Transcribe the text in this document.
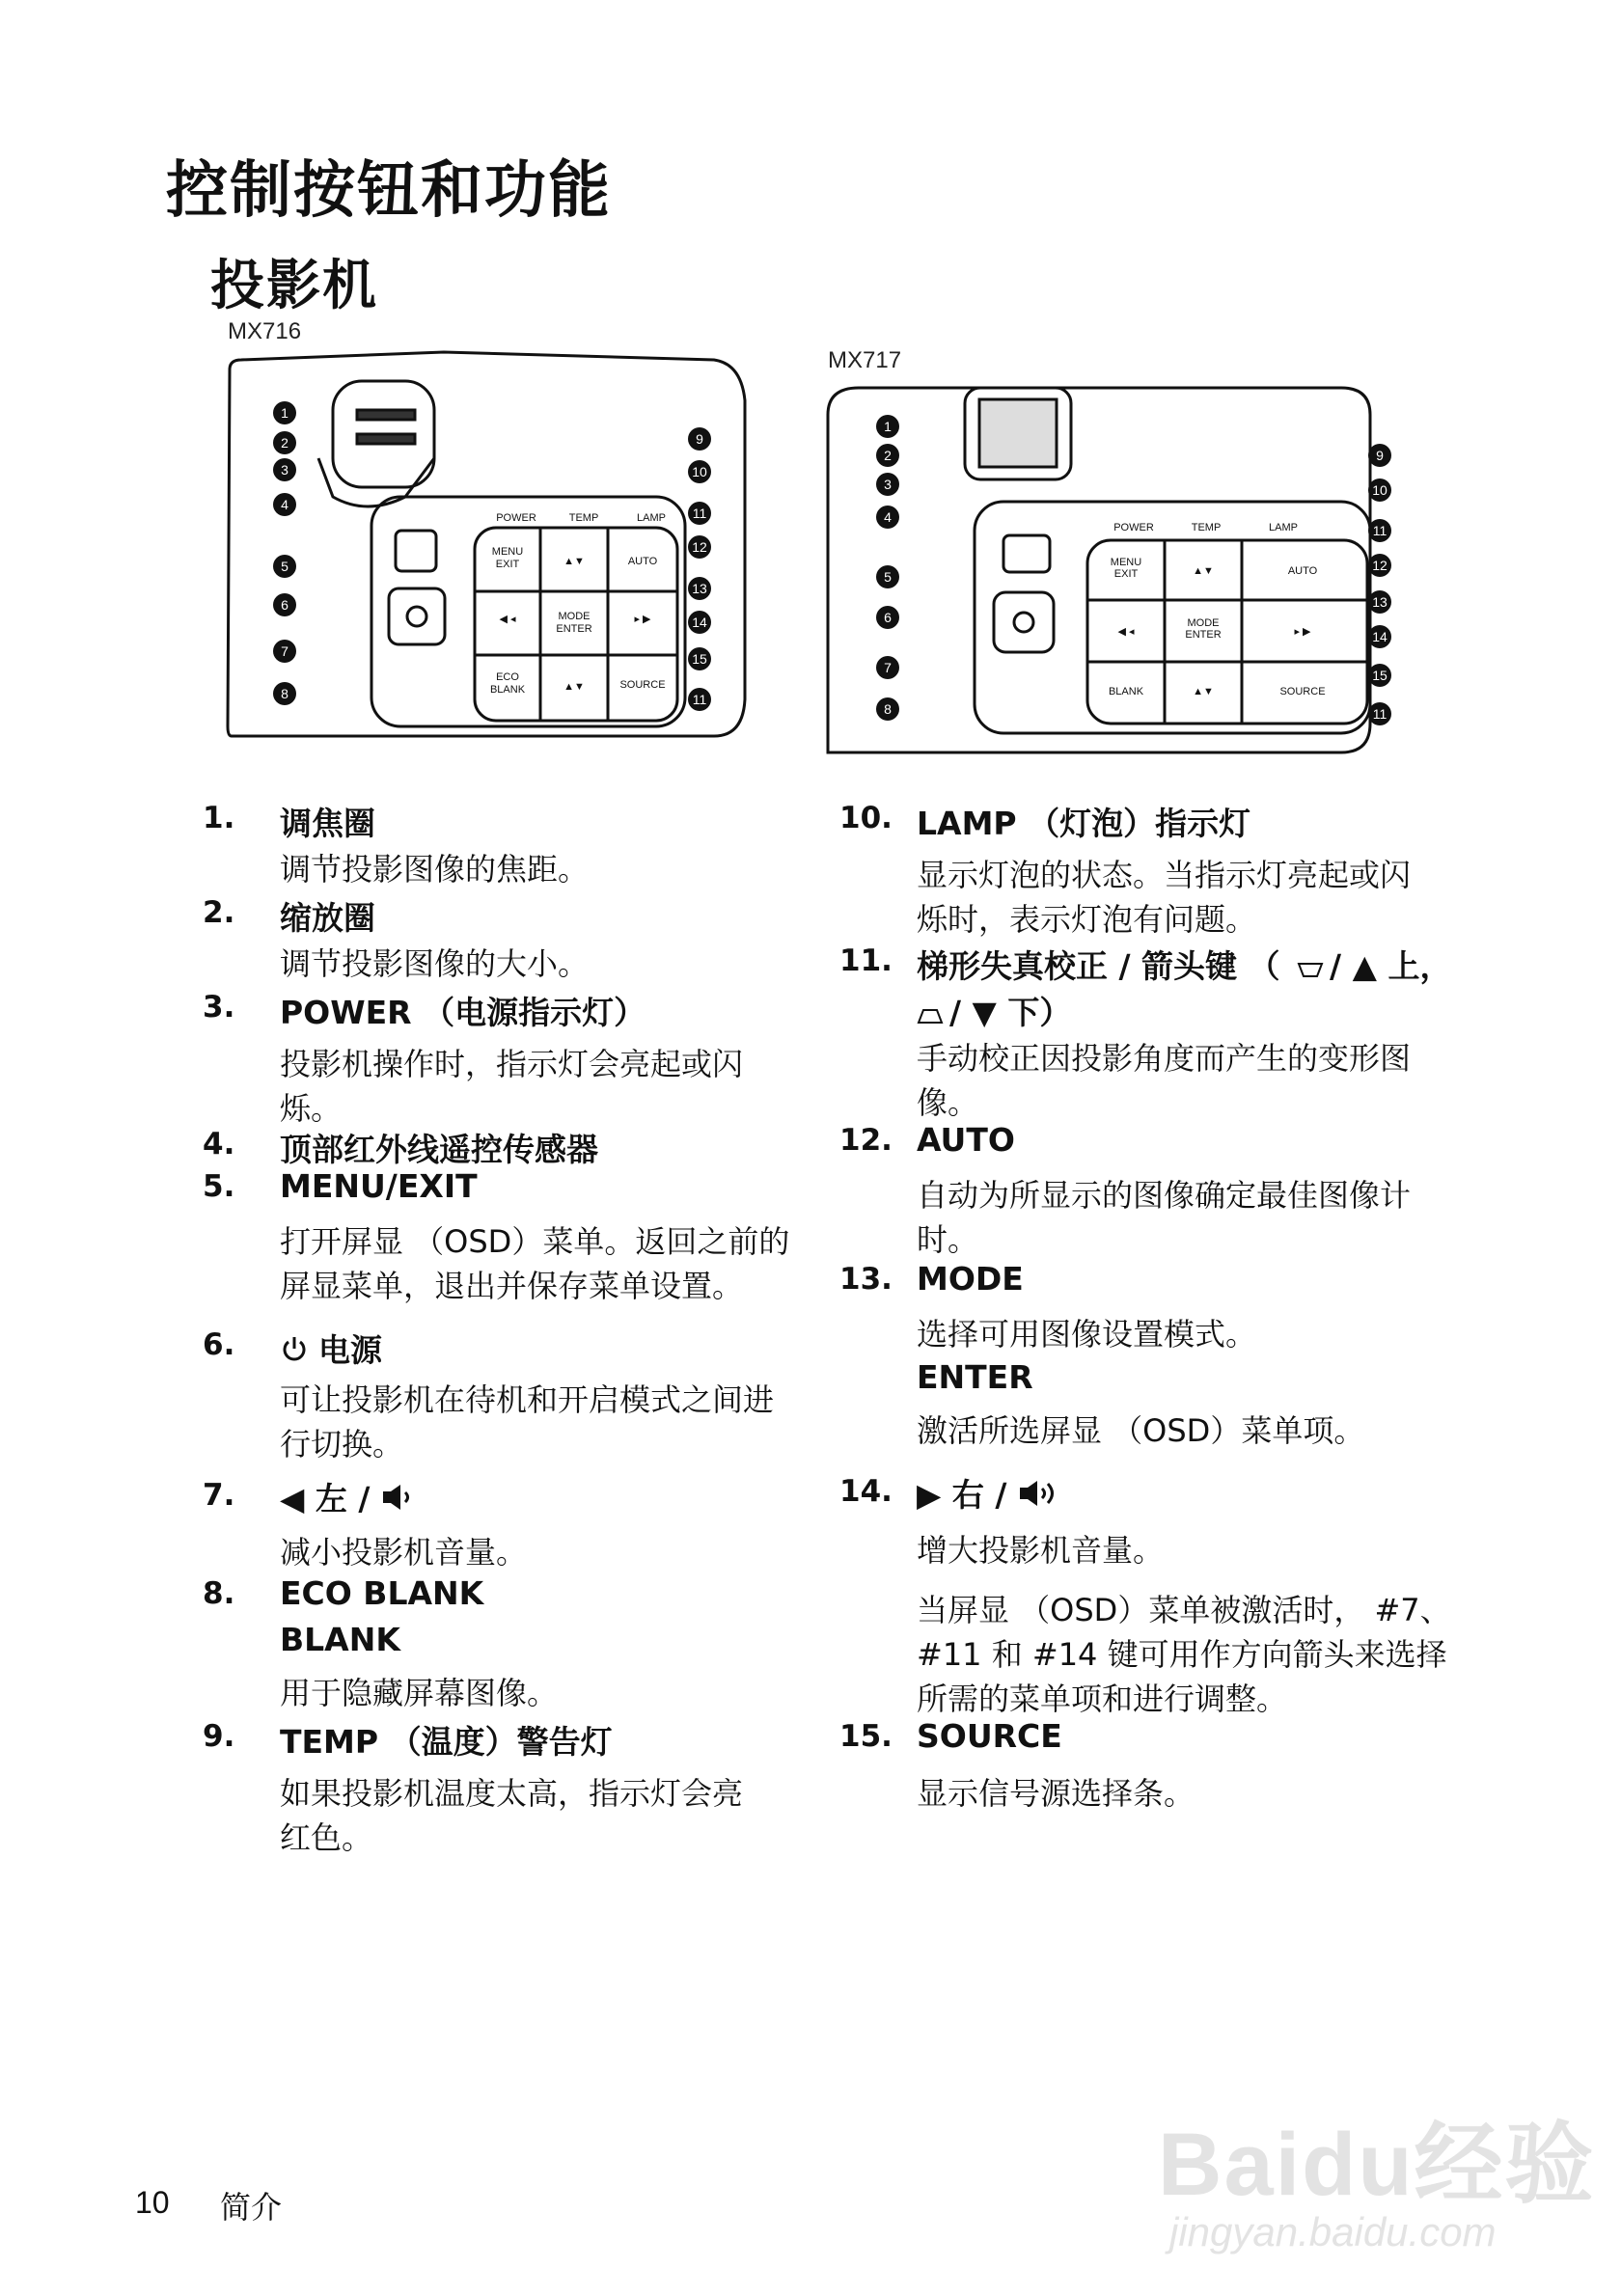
控制按钮和功能
投影机
MX716
POWER	TEMP	LAMP
MENU
EXIT	AUTO
MODE
ENTER
ECO
BLANK	SOURCE
▲▼
◀ ◂	▸ ▶
▲▼
1
2
3
4
5
6
7
8
9
10
11
12
13
14
15
11
MX717
POWER	TEMP	LAMP
MENU
EXIT	AUTO
MODE
ENTER
BLANK	SOURCE
▲▼
◀ ◂	▸ ▶
▲▼
1
2
3
4
5
6
7
8
9
10
11
12
13
14
15
11
1. 调焦圈
调节投影图像的焦距。
2. 缩放圈
调节投影图像的大小。
3. POWER （电源指示灯）
投影机操作时，指示灯会亮起或闪
烁。
4. 顶部红外线遥控传感器
5. MENU/EXIT
打开屏显 （OSD）菜单。返回之前的
屏显菜单，退出并保存菜单设置。
6.	电源
可让投影机在待机和开启模式之间进
行切换。
7. ◀ 左 /
减小投影机音量。
8. ECO BLANK
BLANK
用于隐藏屏幕图像。
9. TEMP （温度）警告灯
如果投影机温度太高，指示灯会亮
红色。
10. LAMP （灯泡）指示灯
显示灯泡的状态。当指示灯亮起或闪
烁时，表示灯泡有问题。
11. 梯形失真校正 / 箭头键 （ / ▲ 上，
/ ▼ 下）
手动校正因投影角度而产生的变形图
像。
12. AUTO
自动为所显示的图像确定最佳图像计
时。
13. MODE
选择可用图像设置模式。
ENTER
激活所选屏显 （OSD）菜单项。
14. ▶ 右 /
增大投影机音量。
当屏显 （OSD）菜单被激活时， #7、
#11 和 #14 键可用作方向箭头来选择
所需的菜单项和进行调整。
15. SOURCE
显示信号源选择条。
Baidu经验
jingyan.baidu.com
10 简介
